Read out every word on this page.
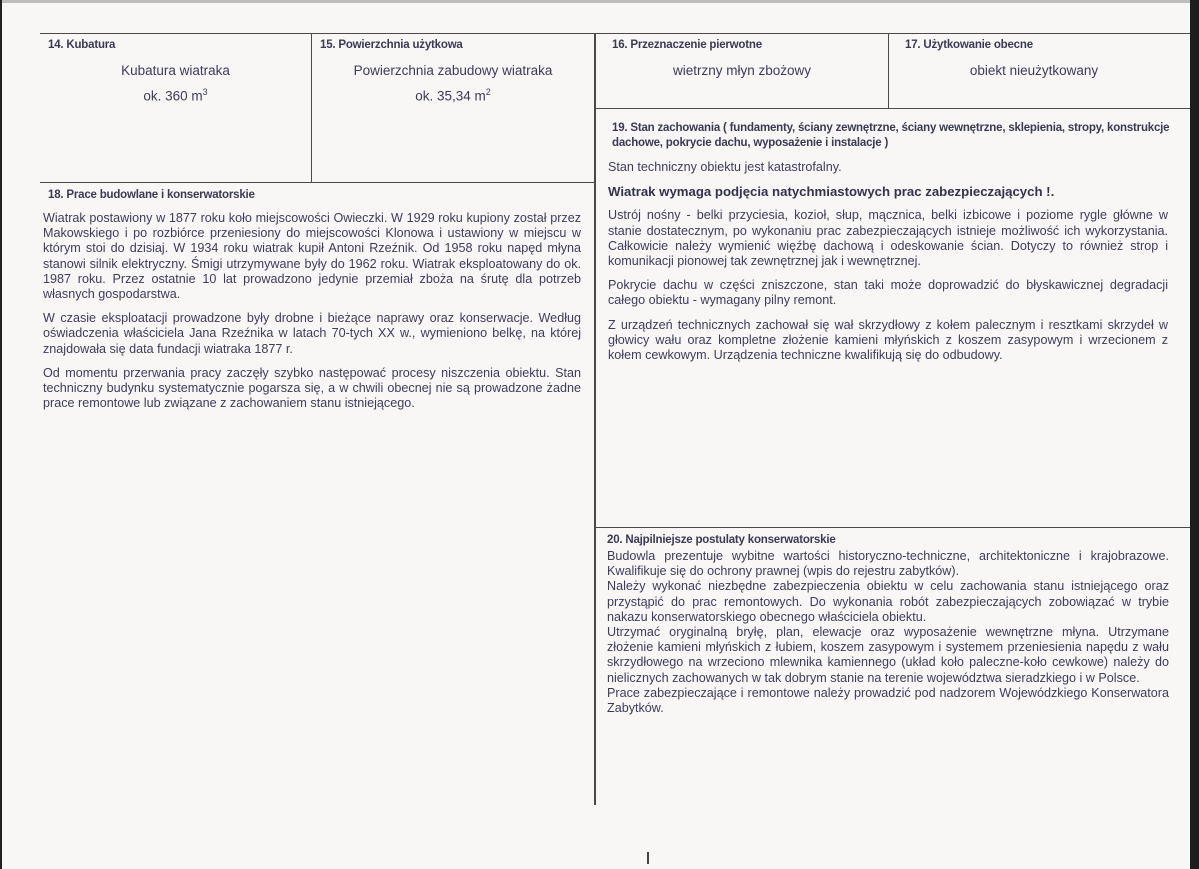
14. Kubatura
Kubatura wiatraka
ok. 360 $m^3$
15. Powierzchnia użytkowa
Powierzchnia zabudowy wiatraka
ok. 35,34 $m^2$
16. Przeznaczenie pierwotne
wietrzny młyn zbożowy
17. Użytkowanie obecne
obiekt nieużytkowany
18. Prace budowlane i konserwatorskie

Wiatrak postawiony w 1877 roku koło miejscowości Owieczki. W 1929 roku kupiony został przez Makowskiego i po rozbiórce przeniesiony do miejscowości Klonowa i ustawiony w miejscu w którym stoi do dzisiaj. W 1934 roku wiatrak kupił Antoni Rzeźnik. Od 1958 roku napęd młyna stanowi silnik elektryczny. Śmigi utrzymywane były do 1962 roku. Wiatrak eksploatowany do ok. 1987 roku. Przez ostatnie 10 lat prowadzono jedynie przemiał zboża na śrutę dla potrzeb własnych gospodarstwa.

W czasie eksploatacji prowadzone były drobne i bieżące naprawy oraz konserwacje. Według oświadczenia właściciela Jana Rzeźnika w latach 70-tych XX w., wymieniono belkę, na której znajdowała się data fundacji wiatraka 1877 r.

Od momentu przerwania pracy zaczęły szybko następować procesy niszczenia obiektu. Stan techniczny budynku systematycznie pogarsza się, a w chwili obecnej nie są prowadzone żadne prace remontowe lub związane z zachowaniem stanu istniejącego.

19. Stan zachowania ( fundamenty, ściany zewnętrzne, ściany wewnętrzne, sklepienia, stropy, konstrukcje dachowe, pokrycie dachu, wyposażenie i instalacje )

Stan techniczny obiektu jest katastrofalny.

Wiatrak wymaga podjęcia natychmiastowych prac zabezpieczających !.

Ustrój nośny - belki przyciesia, kozioł, słup, mącznica, belki izbicowe i poziome rygle główne w stanie dostatecznym, po wykonaniu prac zabezpieczających istnieje możliwość ich wykorzystania. Całkowicie należy wymienić więźbę dachową i odeskowanie ścian. Dotyczy to również strop i komunikacji pionowej tak zewnętrznej jak i wewnętrznej.

Pokrycie dachu w części zniszczone, stan taki może doprowadzić do błyskawicznej degradacji całego obiektu - wymagany pilny remont.

Z urządzeń technicznych zachował się wał skrzydłowy z kołem palecznym i resztkami skrzydeł w głowicy wału oraz kompletne złożenie kamieni młyńskich z koszem zasypowym i wrzecionem z kołem cewkowym. Urządzenia techniczne kwalifikują się do odbudowy.

20. Najpilniejsze postulaty konserwatorskie

Budowla prezentuje wybitne wartości historyczno-techniczne, architektoniczne i krajobrazowe. Kwalifikuje się do ochrony prawnej (wpis do rejestru zabytków).

Należy wykonać niezbędne zabezpieczenia obiektu w celu zachowania stanu istniejącego oraz przystąpić do prac remontowych. Do wykonania robót zabezpieczających zobowiązać w trybie nakazu konserwatorskiego obecnego właściciela obiektu.

Utrzymać oryginalną bryłę, plan, elewacje oraz wyposażenie wewnętrzne młyna. Utrzymane złożenie kamieni młyńskich z łubiem, koszem zasypowym i systemem przeniesienia napędu z wału skrzydłowego na wrzeciono mlewnika kamiennego (układ koło paleczne-koło cewkowe) należy do nielicznych zachowanych w tak dobrym stanie na terenie województwa sieradzkiego i w Polsce.

Prace zabezpieczające i remontowe należy prowadzić pod nadzorem Wojewódzkiego Konserwatora Zabytków.
